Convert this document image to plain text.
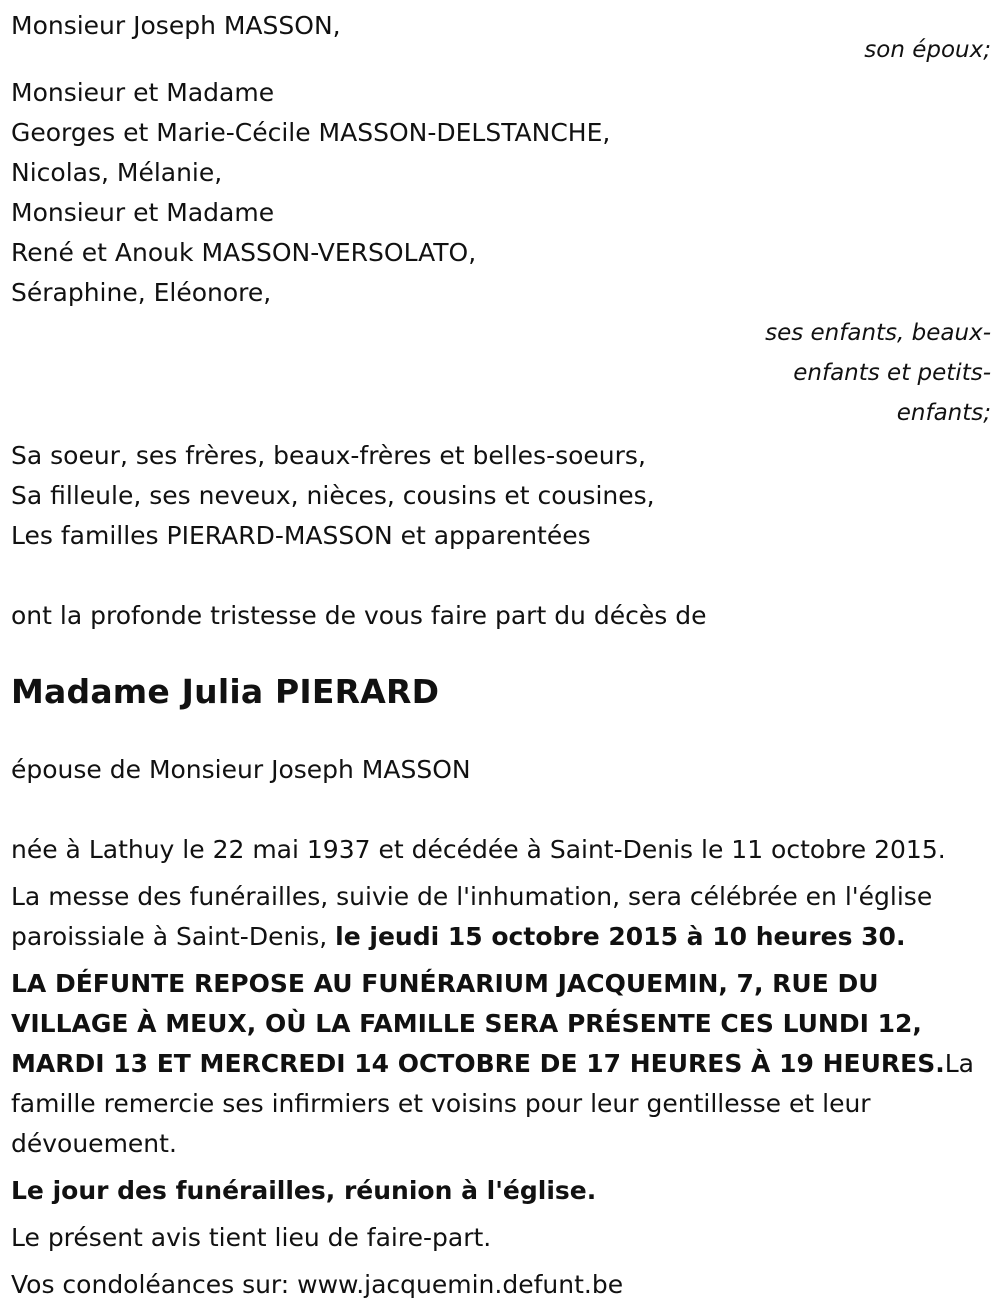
Monsieur Joseph MASSON,
son époux;
Monsieur et Madame
Georges et Marie-Cécile MASSON-DELSTANCHE,
Nicolas, Mélanie,
Monsieur et Madame
René et Anouk MASSON-VERSOLATO,
Séraphine, Eléonore,
ses enfants, beaux-
enfants et petits-
enfants;
Sa soeur, ses frères, beaux-frères et belles-soeurs,
Sa filleule, ses neveux, nièces, cousins et cousines,
Les familles PIERARD-MASSON et apparentées
ont la profonde tristesse de vous faire part du décès de
Madame Julia PIERARD
épouse de Monsieur Joseph MASSON
née à Lathuy le 22 mai 1937 et décédée à Saint-Denis le 11 octobre 2015.

La messe des funérailles, suivie de l'inhumation, sera célébrée en l'église paroissiale à Saint-Denis, le jeudi 15 octobre 2015 à 10 heures 30.

LA DÉFUNTE REPOSE AU FUNÉRARIUM JACQUEMIN, 7, RUE DU VILLAGE À MEUX, OÙ LA FAMILLE SERA PRÉSENTE CES LUNDI 12, MARDI 13 ET MERCREDI 14 OCTOBRE DE 17 HEURES À 19 HEURES.La famille remercie ses infirmiers et voisins pour leur gentillesse et leur dévouement.

Le jour des funérailles, réunion à l'église.
Le présent avis tient lieu de faire-part.
Vos condoléances sur: www.jacquemin.defunt.be
